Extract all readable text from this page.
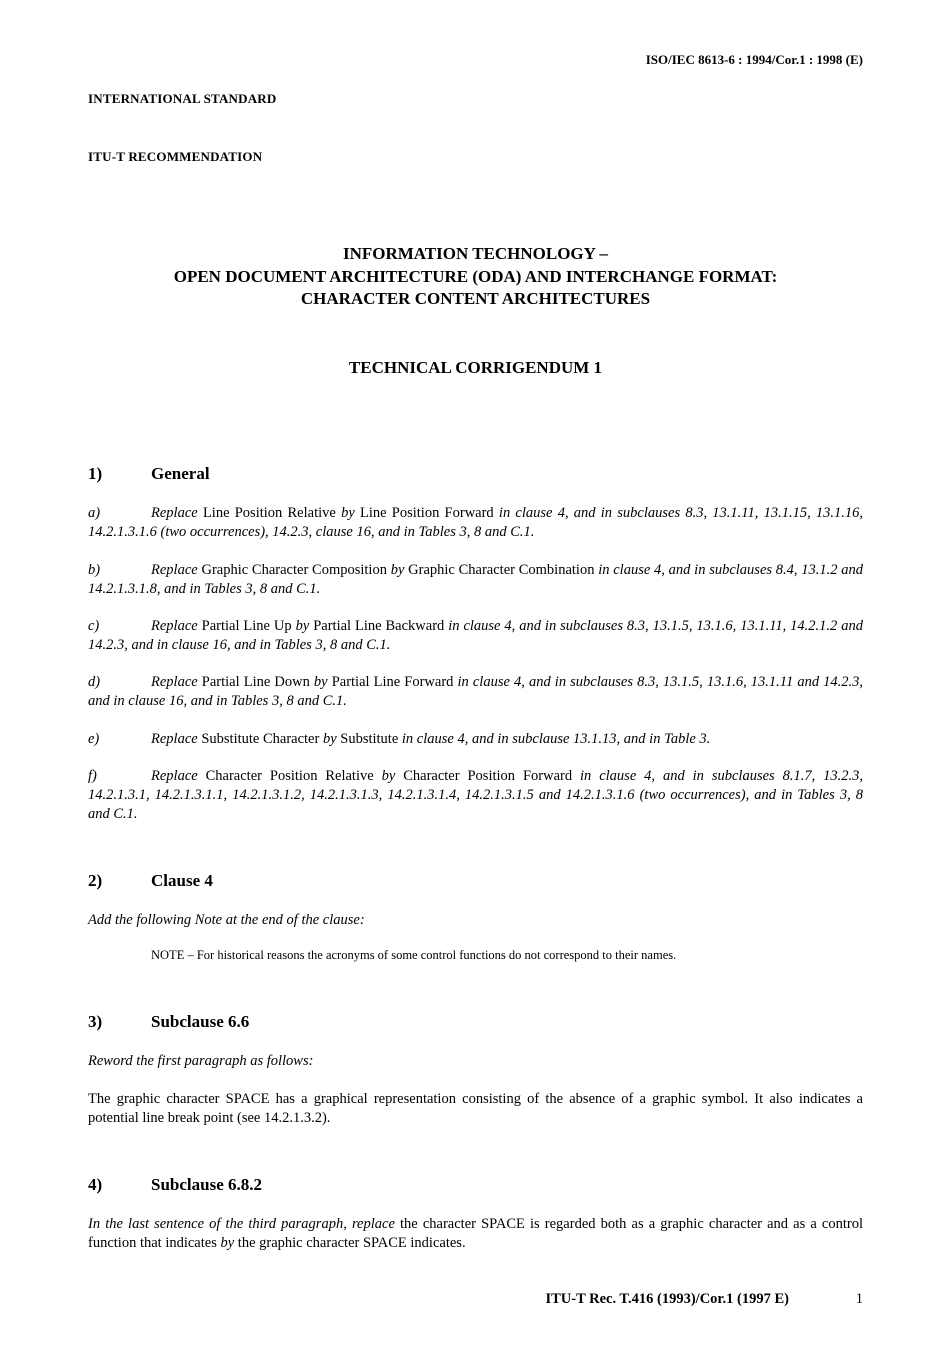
ISO/IEC 8613-6 : 1994/Cor.1 : 1998 (E)
INTERNATIONAL STANDARD
ITU-T RECOMMENDATION
INFORMATION TECHNOLOGY –
OPEN DOCUMENT ARCHITECTURE (ODA) AND INTERCHANGE FORMAT:
CHARACTER CONTENT ARCHITECTURES
TECHNICAL CORRIGENDUM 1
1)	General
a)	Replace Line Position Relative by Line Position Forward in clause 4, and in subclauses 8.3, 13.1.11, 13.1.15, 13.1.16, 14.2.1.3.1.6 (two occurrences), 14.2.3, clause 16, and in Tables 3, 8 and C.1.
b)	Replace Graphic Character Composition by Graphic Character Combination in clause 4, and in subclauses 8.4, 13.1.2 and 14.2.1.3.1.8, and in Tables 3, 8 and C.1.
c)	Replace Partial Line Up by Partial Line Backward in clause 4, and in subclauses 8.3, 13.1.5, 13.1.6, 13.1.11, 14.2.1.2 and 14.2.3, and in clause 16, and in Tables 3, 8 and C.1.
d)	Replace Partial Line Down by Partial Line Forward in clause 4, and in subclauses 8.3, 13.1.5, 13.1.6, 13.1.11 and 14.2.3, and in clause 16, and in Tables 3, 8 and C.1.
e)	Replace Substitute Character by Substitute in clause 4, and in subclause 13.1.13, and in Table 3.
f)	Replace Character Position Relative by Character Position Forward in clause 4, and in subclauses 8.1.7, 13.2.3, 14.2.1.3.1, 14.2.1.3.1.1, 14.2.1.3.1.2, 14.2.1.3.1.3, 14.2.1.3.1.4, 14.2.1.3.1.5 and 14.2.1.3.1.6 (two occurrences), and in Tables 3, 8 and C.1.
2)	Clause 4
Add the following Note at the end of the clause:
NOTE – For historical reasons the acronyms of some control functions do not correspond to their names.
3)	Subclause 6.6
Reword the first paragraph as follows:
The graphic character SPACE has a graphical representation consisting of the absence of a graphic symbol. It also indicates a potential line break point (see 14.2.1.3.2).
4)	Subclause 6.8.2
In the last sentence of the third paragraph, replace the character SPACE is regarded both as a graphic character and as a control function that indicates by the graphic character SPACE indicates.
ITU-T Rec. T.416 (1993)/Cor.1 (1997 E)	1
